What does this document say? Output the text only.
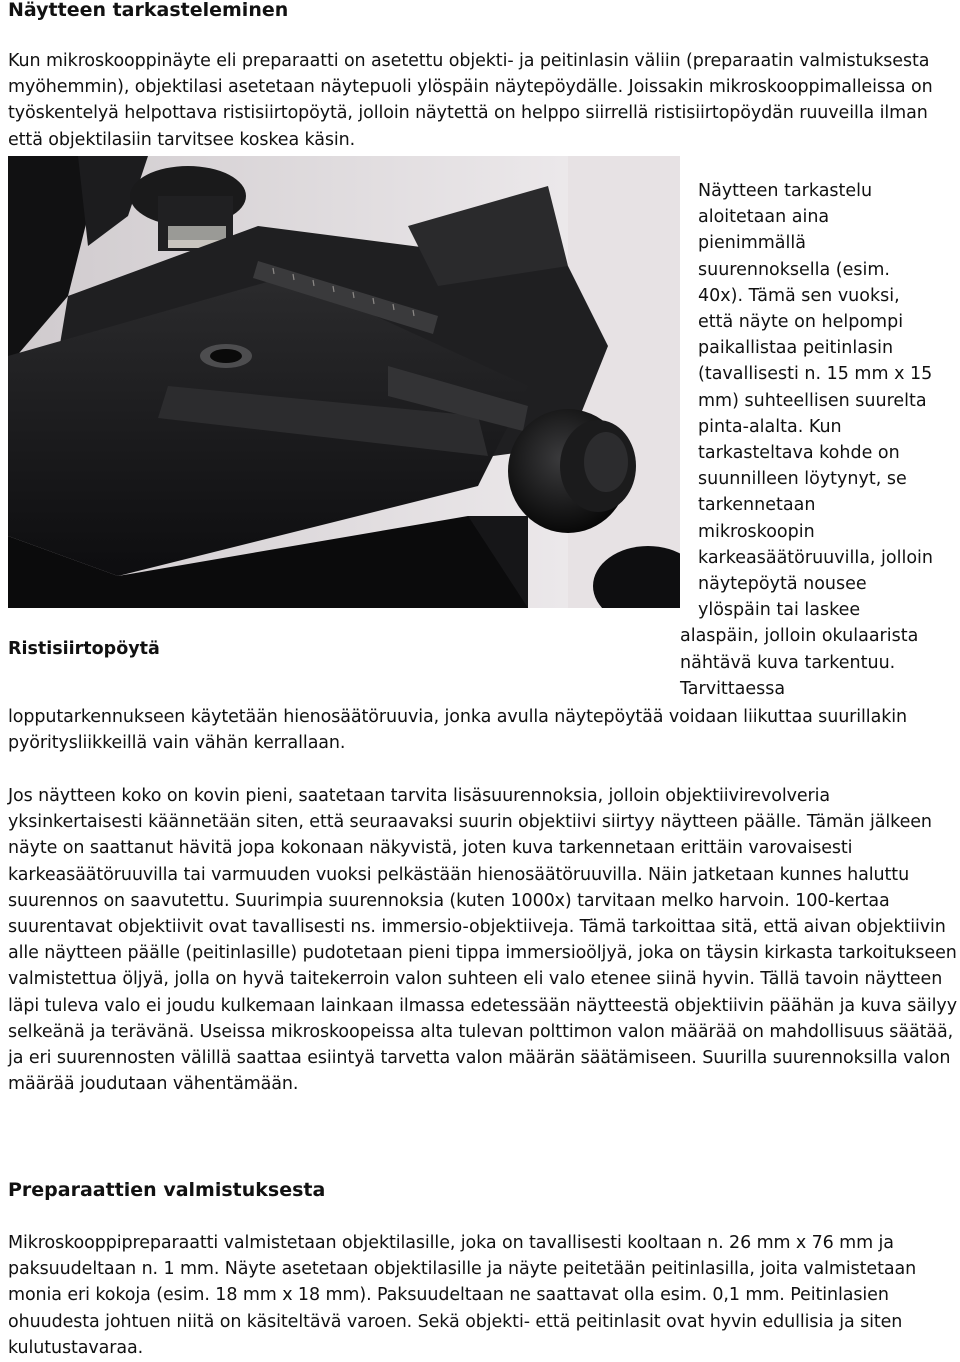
Näytteen tarkasteleminen

Kun mikroskooppinäyte eli preparaatti on asetettu objekti- ja peitinlasin väliin (preparaatin valmistuksesta myöhemmin), objektilasi asetetaan näytepuoli ylöspäin näytepöydälle. Joissakin mikroskooppimalleissa on työskentelyä helpottava ristisiirtopöytä, jolloin näytettä on helppo siirrellä ristisiirtopöydän ruuveilla ilman että objektilasiin tarvitsee koskea käsin.

Näytteen tarkastelu
aloitetaan aina
pienimmällä
suurennoksella (esim.
40x). Tämä sen vuoksi,
että näyte on helpompi
paikallistaa peitinlasin
(tavallisesti n. 15 mm x 15
mm) suhteellisen suurelta
pinta-alalta. Kun
tarkasteltava kohde on
suunnilleen löytynyt, se
tarkennetaan
mikroskoopin
karkeasäätöruuvilla, jolloin
näytepöytä nousee
ylöspäin tai laskee
alaspäin, jolloin okulaarista
nähtävä kuva tarkentuu.
Tarvittaessa

Ristisiirtopöytä

lopputarkennukseen käytetään hienosäätöruuvia, jonka avulla näytepöytää voidaan liikuttaa suurillakin pyöritysliikkeillä vain vähän kerrallaan.

Jos näytteen koko on kovin pieni, saatetaan tarvita lisäsuurennoksia, jolloin objektiivirevolveria yksinkertaisesti käännetään siten, että seuraavaksi suurin objektiivi siirtyy näytteen päälle. Tämän jälkeen näyte on saattanut hävitä jopa kokonaan näkyvistä, joten kuva tarkennetaan erittäin varovaisesti karkeasäätöruuvilla tai varmuuden vuoksi pelkästään hienosäätöruuvilla. Näin jatketaan kunnes haluttu suurennos on saavutettu. Suurimpia suurennoksia (kuten 1000x) tarvitaan melko harvoin. 100-kertaa suurentavat objektiivit ovat tavallisesti ns. immersio-objektiiveja. Tämä tarkoittaa sitä, että aivan objektiivin alle näytteen päälle (peitinlasille) pudotetaan pieni tippa immersioöljyä, joka on täysin kirkasta tarkoitukseen valmistettua öljyä, jolla on hyvä taitekerroin valon suhteen eli valo etenee siinä hyvin. Tällä tavoin näytteen läpi tuleva valo ei joudu kulkemaan lainkaan ilmassa edetessään näytteestä objektiivin päähän ja kuva säilyy selkeänä ja terävänä. Useissa mikroskoopeissa alta tulevan polttimon valon määrää on mahdollisuus säätää, ja eri suurennosten välillä saattaa esiintyä tarvetta valon määrän säätämiseen. Suurilla suurennoksilla valon määrää joudutaan vähentämään.

Preparaattien valmistuksesta

Mikroskooppipreparaatti valmistetaan objektilasille, joka on tavallisesti kooltaan n. 26 mm x 76 mm ja paksuudeltaan n. 1 mm. Näyte asetetaan objektilasille ja näyte peitetään peitinlasilla, joita valmistetaan monia eri kokoja (esim. 18 mm x 18 mm). Paksuudeltaan ne saattavat olla esim. 0,1 mm. Peitinlasien ohuudesta johtuen niitä on käsiteltävä varoen. Sekä objekti- että peitinlasit ovat hyvin edullisia ja siten kulutustavaraa.
